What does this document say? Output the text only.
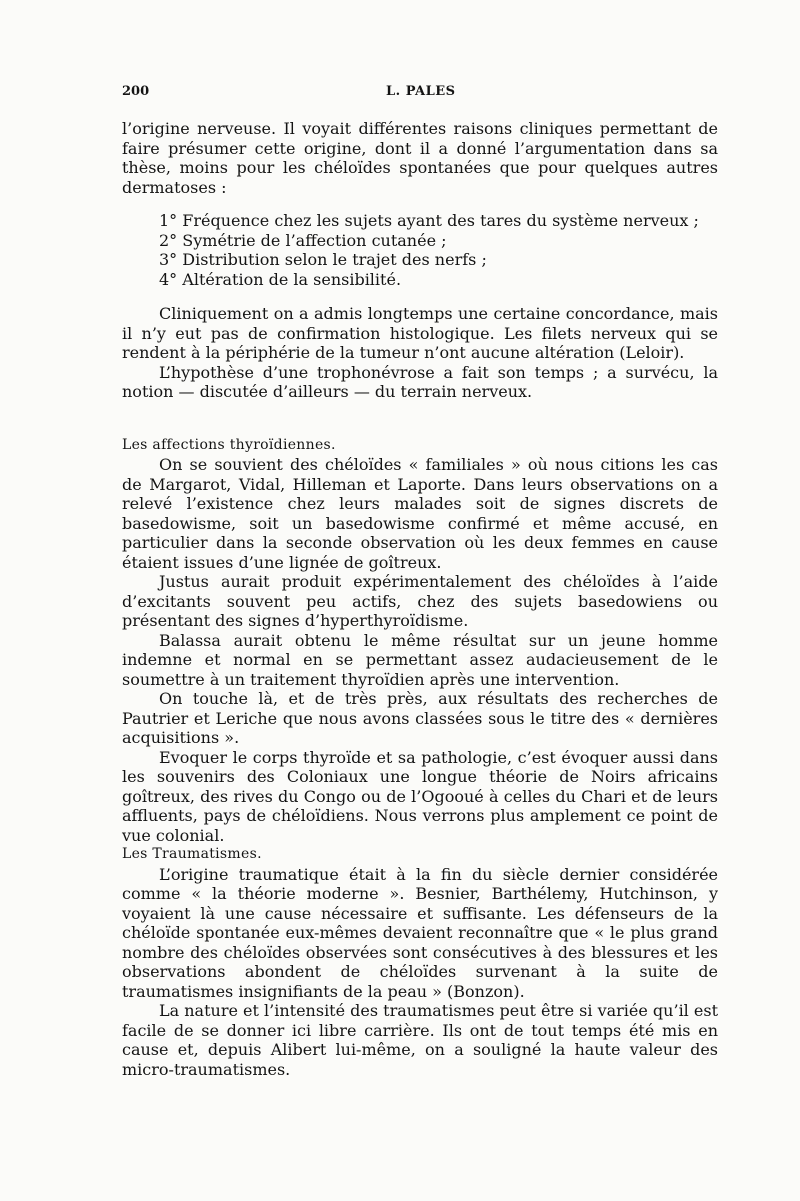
200	L. PALES

l’origine nerveuse. Il voyait différentes raisons cliniques permettant de faire présumer cette origine, dont il a donné l’argumentation dans sa thèse, moins pour les chéloïdes spontanées que pour quelques autres dermatoses :

1° Fréquence chez les sujets ayant des tares du système nerveux ;
2° Symétrie de l’affection cutanée ;
3° Distribution selon le trajet des nerfs ;
4° Altération de la sensibilité.

Cliniquement on a admis longtemps une certaine concordance, mais il n’y eut pas de confirmation histologique. Les filets nerveux qui se rendent à la périphérie de la tumeur n’ont aucune altération (Leloir).

L’hypothèse d’une trophonévrose a fait son temps ; a survécu, la notion — discutée d’ailleurs — du terrain nerveux.

Les affections thyroïdiennes.

On se souvient des chéloïdes « familiales » où nous citions les cas de Margarot, Vidal, Hilleman et Laporte. Dans leurs observations on a relevé l’existence chez leurs malades soit de signes discrets de basedowisme, soit un basedowisme confirmé et même accusé, en particulier dans la seconde observation où les deux femmes en cause étaient issues d’une lignée de goîtreux.

Justus aurait produit expérimentalement des chéloïdes à l’aide d’excitants souvent peu actifs, chez des sujets basedowiens ou présentant des signes d’hyperthyroïdisme.

Balassa aurait obtenu le même résultat sur un jeune homme indemne et normal en se permettant assez audacieusement de le soumettre à un traitement thyroïdien après une intervention.

On touche là, et de très près, aux résultats des recherches de Pautrier et Leriche que nous avons classées sous le titre des « dernières acquisitions ».

Evoquer le corps thyroïde et sa pathologie, c’est évoquer aussi dans les souvenirs des Coloniaux une longue théorie de Noirs africains goîtreux, des rives du Congo ou de l’Ogooué à celles du Chari et de leurs affluents, pays de chéloïdiens. Nous verrons plus amplement ce point de vue colonial.

Les Traumatismes.

L’origine traumatique était à la fin du siècle dernier considérée comme « la théorie moderne ». Besnier, Barthélemy, Hutchinson, y voyaient là une cause nécessaire et suffisante. Les défenseurs de la chéloïde spontanée eux-mêmes devaient reconnaître que « le plus grand nombre des chéloïdes observées sont consécutives à des blessures et les observations abondent de chéloïdes survenant à la suite de traumatismes insignifiants de la peau » (Bonzon).

La nature et l’intensité des traumatismes peut être si variée qu’il est facile de se donner ici libre carrière. Ils ont de tout temps été mis en cause et, depuis Alibert lui-même, on a souligné la haute valeur des micro-traumatismes.
